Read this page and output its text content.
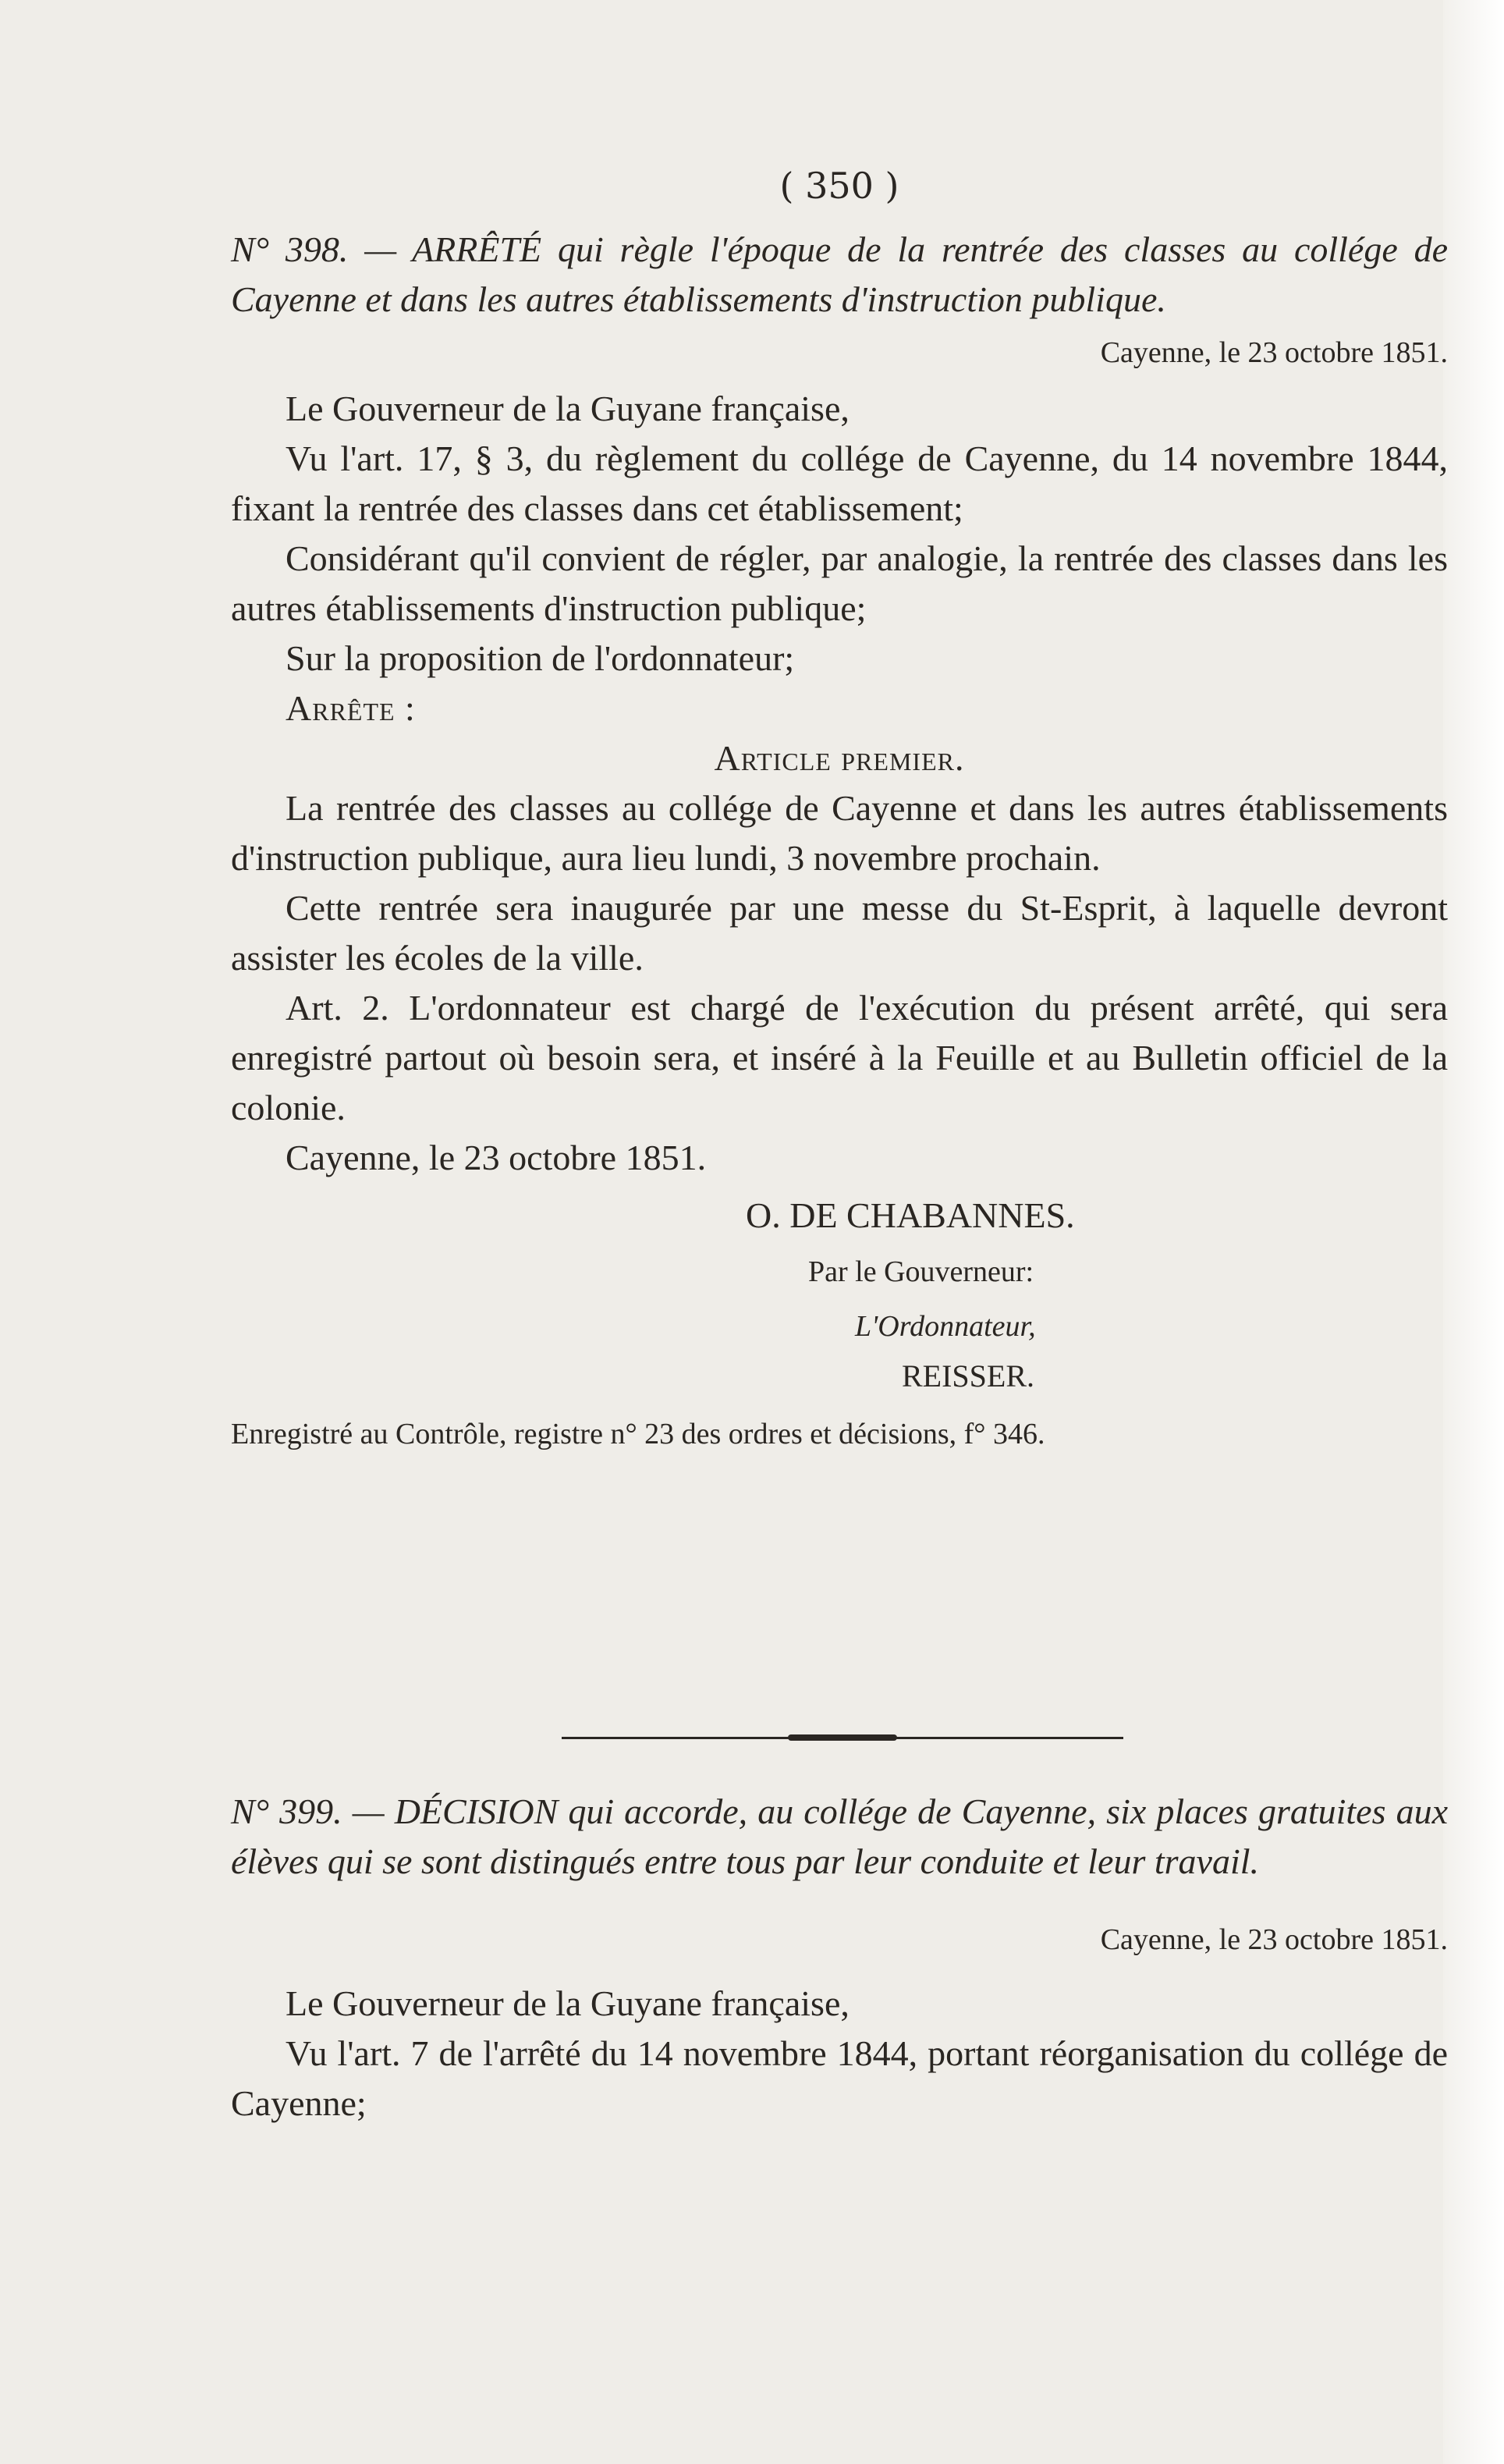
( 350 )

N° 398. — ARRÊTÉ qui règle l'époque de la rentrée des classes au collége de Cayenne et dans les autres établissements d'instruction publique.

Cayenne, le 23 octobre 1851.

Le Gouverneur de la Guyane française,

Vu l'art. 17, § 3, du règlement du collége de Cayenne, du 14 novembre 1844, fixant la rentrée des classes dans cet établissement;

Considérant qu'il convient de régler, par analogie, la rentrée des classes dans les autres établissements d'instruction publique;

Sur la proposition de l'ordonnateur;

Arrête :

Article premier.

La rentrée des classes au collége de Cayenne et dans les autres établissements d'instruction publique, aura lieu lundi, 3 novembre prochain.

Cette rentrée sera inaugurée par une messe du St-Esprit, à laquelle devront assister les écoles de la ville.

Art. 2. L'ordonnateur est chargé de l'exécution du présent arrêté, qui sera enregistré partout où besoin sera, et inséré à la Feuille et au Bulletin officiel de la colonie.

Cayenne, le 23 octobre 1851.

O. DE CHABANNES.

Par le Gouverneur:

L'Ordonnateur,

REISSER.

Enregistré au Contrôle, registre n° 23 des ordres et décisions, f° 346.

N° 399. — DÉCISION qui accorde, au collége de Cayenne, six places gratuites aux élèves qui se sont distingués entre tous par leur conduite et leur travail.

Cayenne, le 23 octobre 1851.

Le Gouverneur de la Guyane française,

Vu l'art. 7 de l'arrêté du 14 novembre 1844, portant réorganisation du collége de Cayenne;
